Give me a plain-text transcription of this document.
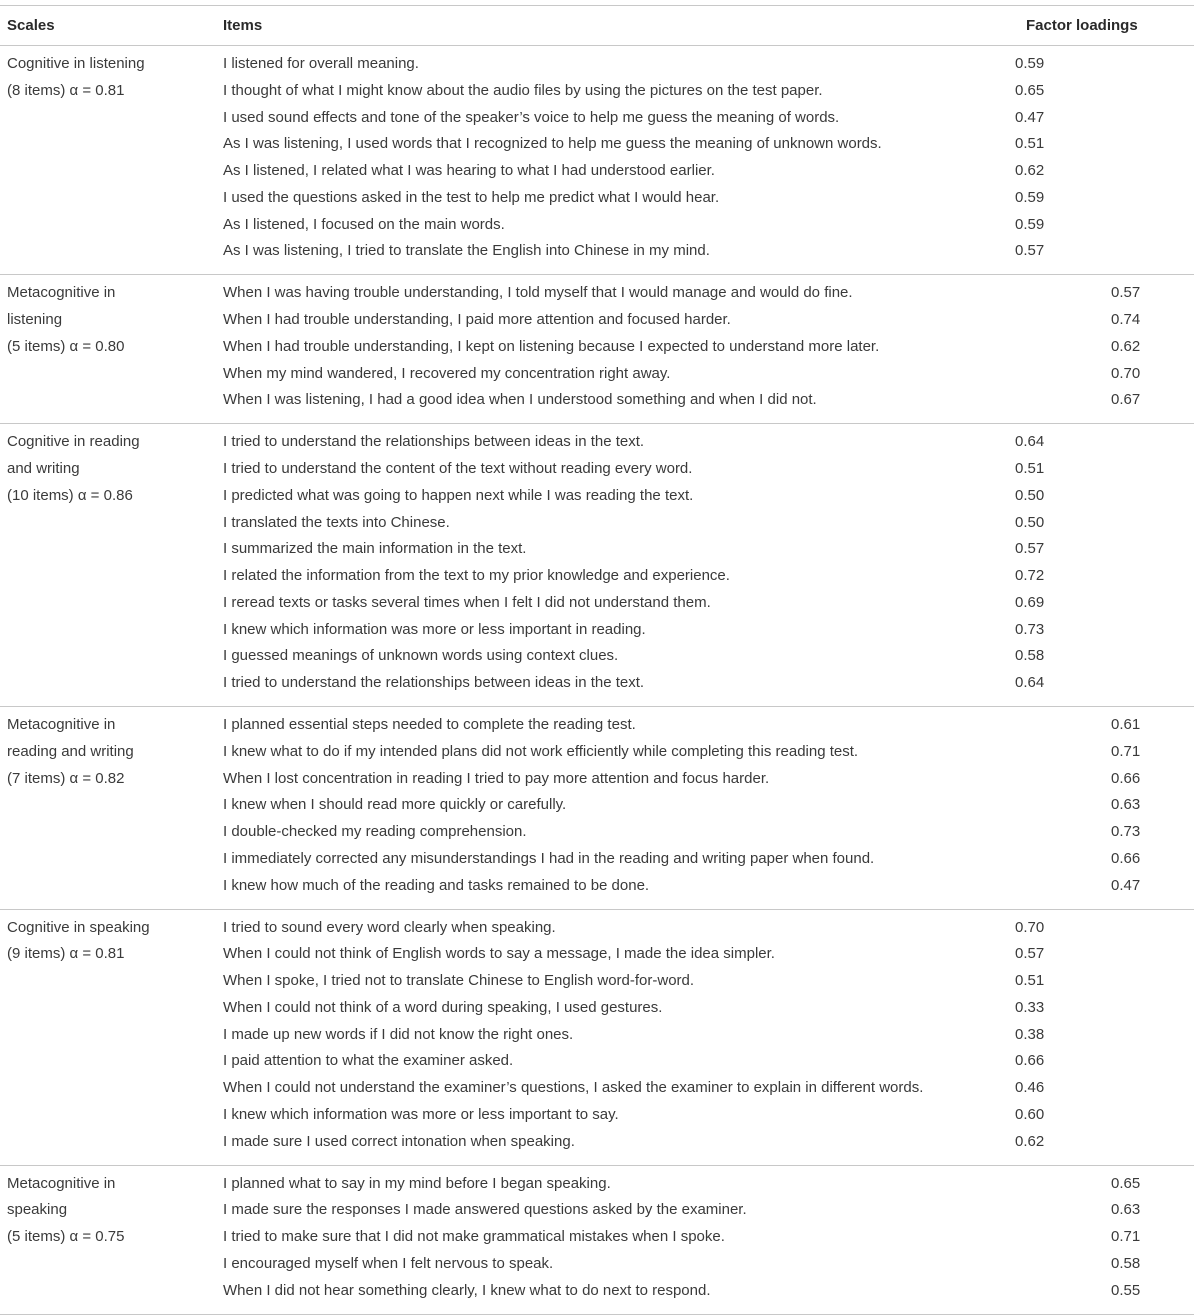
Scales	Items	Factor loadings
Cognitive in listening
(8 items) α = 0.81
I listened for overall meaning.	0.59
I thought of what I might know about the audio files by using the pictures on the test paper.	0.65
I used sound effects and tone of the speaker’s voice to help me guess the meaning of words.	0.47
As I was listening, I used words that I recognized to help me guess the meaning of unknown words.	0.51
As I listened, I related what I was hearing to what I had understood earlier.	0.62
I used the questions asked in the test to help me predict what I would hear.	0.59
As I listened, I focused on the main words.	0.59
As I was listening, I tried to translate the English into Chinese in my mind.	0.57
Metacognitive in
listening
(5 items) α = 0.80
When I was having trouble understanding, I told myself that I would manage and would do fine.	0.57
When I had trouble understanding, I paid more attention and focused harder.	0.74
When I had trouble understanding, I kept on listening because I expected to understand more later.	0.62
When my mind wandered, I recovered my concentration right away.	0.70
When I was listening, I had a good idea when I understood something and when I did not.	0.67
Cognitive in reading
and writing
(10 items) α = 0.86
I tried to understand the relationships between ideas in the text.	0.64
I tried to understand the content of the text without reading every word.	0.51
I predicted what was going to happen next while I was reading the text.	0.50
I translated the texts into Chinese.	0.50
I summarized the main information in the text.	0.57
I related the information from the text to my prior knowledge and experience.	0.72
I reread texts or tasks several times when I felt I did not understand them.	0.69
I knew which information was more or less important in reading.	0.73
I guessed meanings of unknown words using context clues.	0.58
I tried to understand the relationships between ideas in the text.	0.64
Metacognitive in
reading and writing
(7 items) α = 0.82
I planned essential steps needed to complete the reading test.	0.61
I knew what to do if my intended plans did not work efficiently while completing this reading test.	0.71
When I lost concentration in reading I tried to pay more attention and focus harder.	0.66
I knew when I should read more quickly or carefully.	0.63
I double-checked my reading comprehension.	0.73
I immediately corrected any misunderstandings I had in the reading and writing paper when found.	0.66
I knew how much of the reading and tasks remained to be done.	0.47
Cognitive in speaking
(9 items) α = 0.81
I tried to sound every word clearly when speaking.	0.70
When I could not think of English words to say a message, I made the idea simpler.	0.57
When I spoke, I tried not to translate Chinese to English word-for-word.	0.51
When I could not think of a word during speaking, I used gestures.	0.33
I made up new words if I did not know the right ones.	0.38
I paid attention to what the examiner asked.	0.66
When I could not understand the examiner’s questions, I asked the examiner to explain in different words.	0.46
I knew which information was more or less important to say.	0.60
I made sure I used correct intonation when speaking.	0.62
Metacognitive in
speaking
(5 items) α = 0.75
I planned what to say in my mind before I began speaking.	0.65
I made sure the responses I made answered questions asked by the examiner.	0.63
I tried to make sure that I did not make grammatical mistakes when I spoke.	0.71
I encouraged myself when I felt nervous to speak.	0.58
When I did not hear something clearly, I knew what to do next to respond.	0.55
